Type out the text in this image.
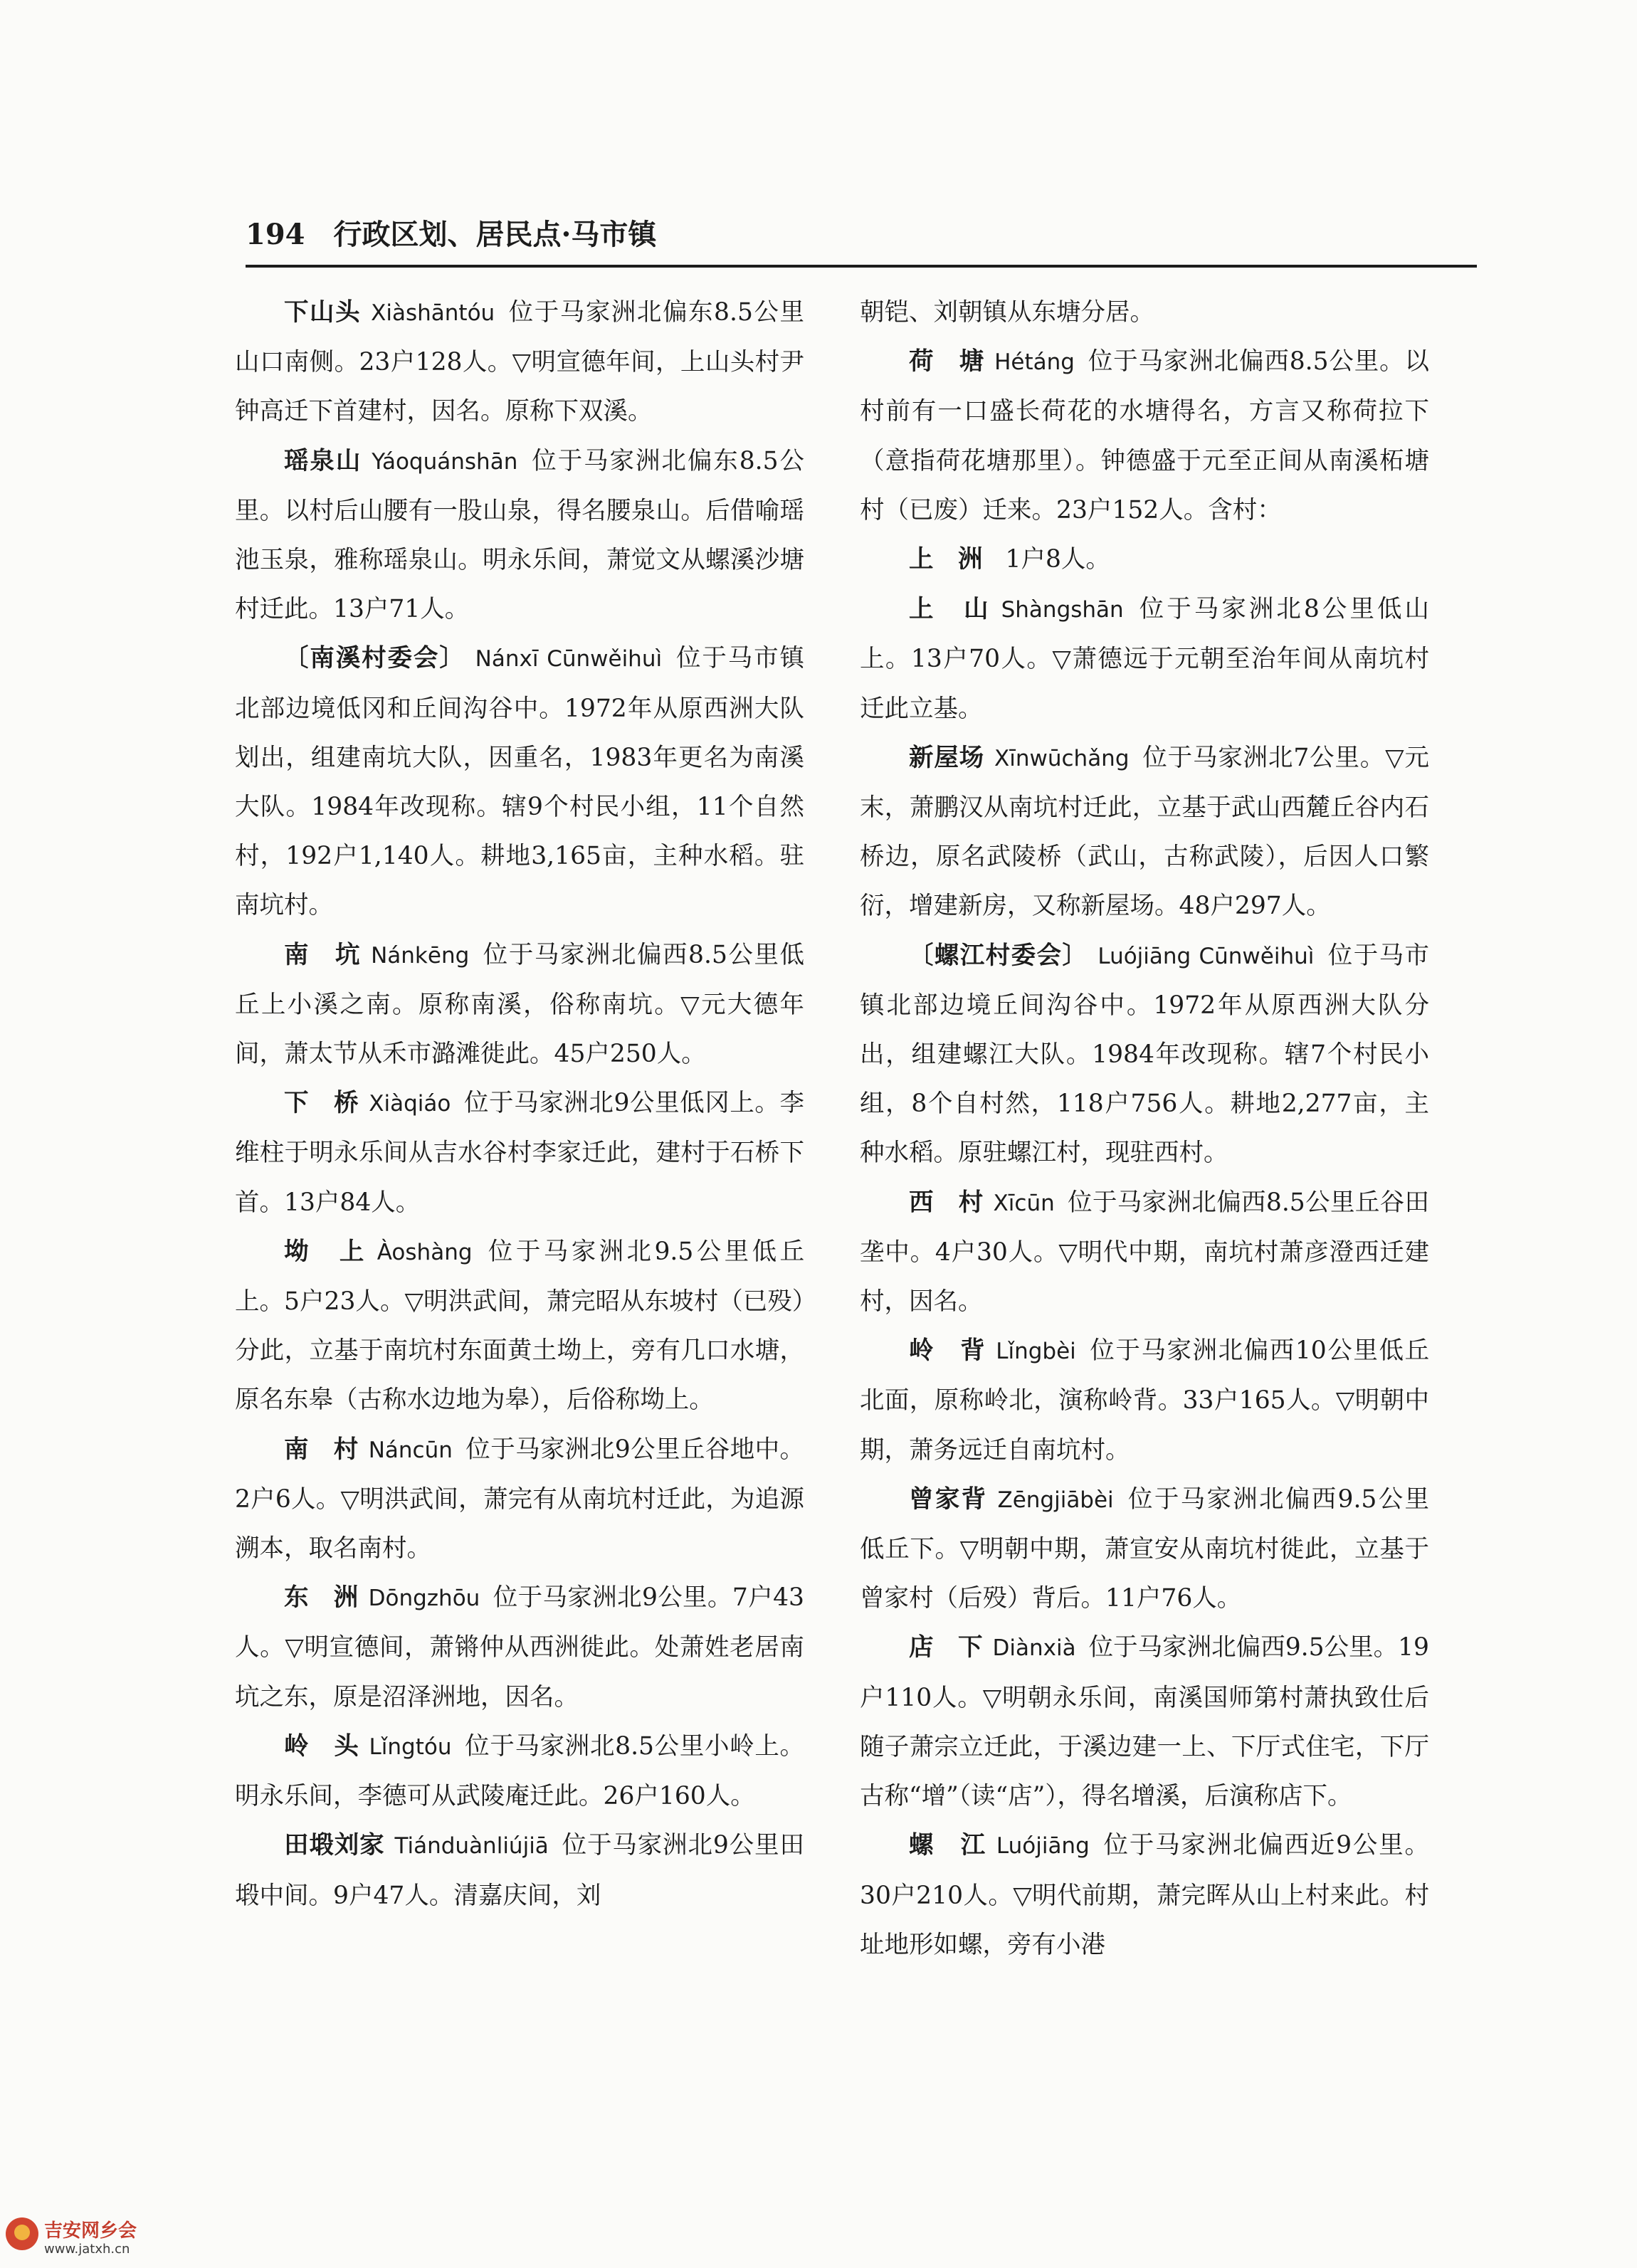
194 行政区划、居民点·马市镇

下山头 Xiàshāntóu 位于马家洲北偏东8.5公里山口南侧。23户128人。▽明宣德年间，上山头村尹钟高迁下首建村，因名。原称下双溪。

瑶泉山 Yáoquánshān 位于马家洲北偏东8.5公里。以村后山腰有一股山泉，得名腰泉山。后借喻瑶池玉泉，雅称瑶泉山。明永乐间，萧觉文从螺溪沙塘村迁此。13户71人。

〔南溪村委会〕 Nánxī Cūnwěihuì 位于马市镇北部边境低冈和丘间沟谷中。1972年从原西洲大队划出，组建南坑大队，因重名，1983年更名为南溪大队。1984年改现称。辖9个村民小组，11个自然村，192户1,140人。耕地3,165亩，主种水稻。驻南坑村。

南　坑 Nánkēng 位于马家洲北偏西8.5公里低丘上小溪之南。原称南溪，俗称南坑。▽元大德年间，萧太节从禾市潞滩徙此。45户250人。

下　桥 Xiàqiáo 位于马家洲北9公里低冈上。李维柱于明永乐间从吉水谷村李家迁此，建村于石桥下首。13户84人。

坳　上 Àoshàng 位于马家洲北9.5公里低丘上。5户23人。▽明洪武间，萧完昭从东坡村（已殁）分此，立基于南坑村东面黄土坳上，旁有几口水塘，原名东皋（古称水边地为皋），后俗称坳上。

南　村 Náncūn 位于马家洲北9公里丘谷地中。2户6人。▽明洪武间，萧完有从南坑村迁此，为追源溯本，取名南村。

东　洲 Dōngzhōu 位于马家洲北9公里。7户43人。▽明宣德间，萧锵仲从西洲徙此。处萧姓老居南坑之东，原是沼泽洲地，因名。

岭　头 Lǐngtóu 位于马家洲北8.5公里小岭上。明永乐间，李德可从武陵庵迁此。26户160人。

田塅刘家 Tiánduànliújiā 位于马家洲北9公里田塅中间。9户47人。清嘉庆间，刘

朝铠、刘朝镇从东塘分居。

荷　塘 Hétáng 位于马家洲北偏西8.5公里。以村前有一口盛长荷花的水塘得名，方言又称荷拉下（意指荷花塘那里）。钟德盛于元至正间从南溪柘塘村（已废）迁来。23户152人。含村：

上　洲 1户8人。

上　山 Shàngshān 位于马家洲北8公里低山上。13户70人。▽萧德远于元朝至治年间从南坑村迁此立基。

新屋场 Xīnwūchǎng 位于马家洲北7公里。▽元末，萧鹏汉从南坑村迁此，立基于武山西麓丘谷内石桥边，原名武陵桥（武山，古称武陵），后因人口繁衍，增建新房，又称新屋场。48户297人。

〔螺江村委会〕 Luójiāng Cūnwěihuì 位于马市镇北部边境丘间沟谷中。1972年从原西洲大队分出，组建螺江大队。1984年改现称。辖7个村民小组，8个自村然，118户756人。耕地2,277亩，主种水稻。原驻螺江村，现驻西村。

西　村 Xīcūn 位于马家洲北偏西8.5公里丘谷田垄中。4户30人。▽明代中期，南坑村萧彦澄西迁建村，因名。

岭　背 Lǐngbèi 位于马家洲北偏西10公里低丘北面，原称岭北，演称岭背。33户165人。▽明朝中期，萧务远迁自南坑村。

曾家背 Zēngjiābèi 位于马家洲北偏西9.5公里低丘下。▽明朝中期，萧宣安从南坑村徙此，立基于曾家村（后殁）背后。11户76人。

店　下 Diànxià 位于马家洲北偏西9.5公里。19户110人。▽明朝永乐间，南溪国师第村萧执致仕后随子萧宗立迁此，于溪边建一上、下厅式住宅，下厅古称“增”（读“店”），得名增溪，后演称店下。

螺　江 Luójiāng 位于马家洲北偏西近9公里。30户210人。▽明代前期，萧完晖从山上村来此。村址地形如螺，旁有小港

吉安网乡会
www.jatxh.cn
